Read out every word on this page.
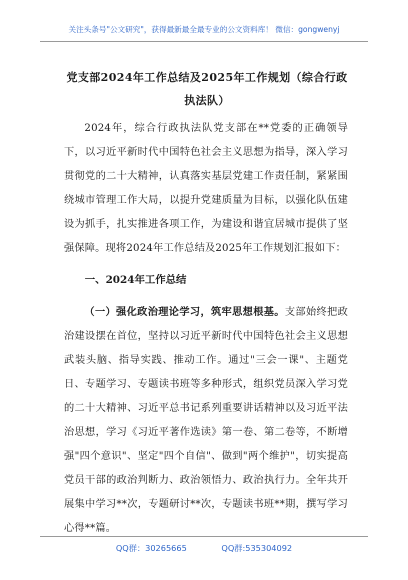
关注头条号"公文研究"，获得最新最全最专业的公文资料库！ 微信：gongwenyj
党支部2024年工作总结及2025年工作规划（综合行政执法队）
2024年，综合行政执法队党支部在**党委的正确领导下，以习近平新时代中国特色社会主义思想为指导，深入学习贯彻党的二十大精神，认真落实基层党建工作责任制，紧紧围绕城市管理工作大局，以提升党建质量为目标，以强化队伍建设为抓手，扎实推进各项工作，为建设和谐宜居城市提供了坚强保障。现将2024年工作总结及2025年工作规划汇报如下：
一、2024年工作总结
（一）强化政治理论学习，筑牢思想根基。支部始终把政治建设摆在首位，坚持以习近平新时代中国特色社会主义思想武装头脑、指导实践、推动工作。通过"三会一课"、主题党日、专题学习、专题读书班等多种形式，组织党员深入学习党的二十大精神、习近平总书记系列重要讲话精神以及习近平法治思想，学习《习近平著作选读》第一卷、第二卷等，不断增强"四个意识"、坚定"四个自信"、做到"两个维护"，切实提高党员干部的政治判断力、政治领悟力、政治执行力。全年共开展集中学习**次，专题研讨**次，专题读书班**期，撰写学习心得**篇。
QQ群：30265665	QQ群:535304092
